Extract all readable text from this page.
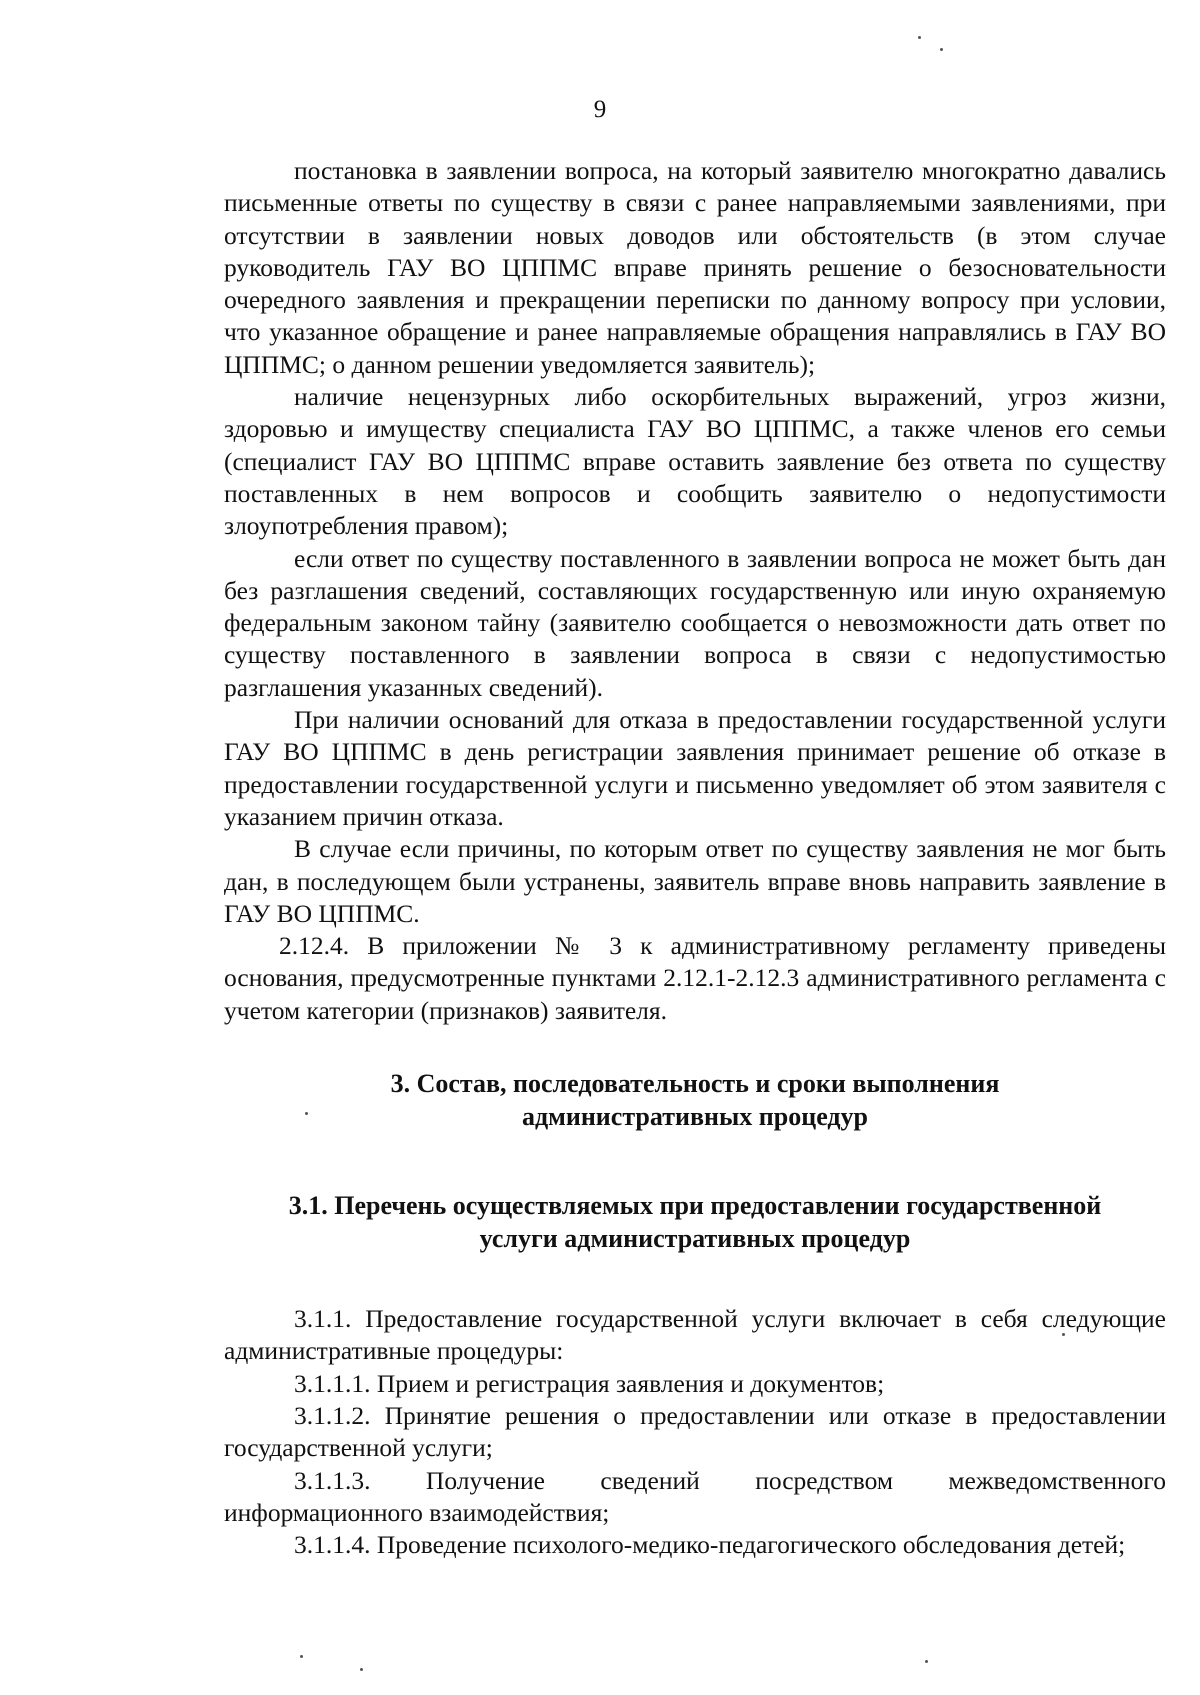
9

постановка в заявлении вопроса, на который заявителю многократно давались письменные ответы по существу в связи с ранее направляемыми заявлениями, при отсутствии в заявлении новых доводов или обстоятельств (в этом случае руководитель ГАУ ВО ЦППМС вправе принять решение о безосновательности очередного заявления и прекращении переписки по данному вопросу при условии, что указанное обращение и ранее направляемые обращения направлялись в ГАУ ВО ЦППМС; о данном решении уведомляется заявитель);

наличие нецензурных либо оскорбительных выражений, угроз жизни, здоровью и имуществу специалиста ГАУ ВО ЦППМС, а также членов его семьи (специалист ГАУ ВО ЦППМС вправе оставить заявление без ответа по существу поставленных в нем вопросов и сообщить заявителю о недопустимости злоупотребления правом);

если ответ по существу поставленного в заявлении вопроса не может быть дан без разглашения сведений, составляющих государственную или иную охраняемую федеральным законом тайну (заявителю сообщается о невозможности дать ответ по существу поставленного в заявлении вопроса в связи с недопустимостью разглашения указанных сведений).

При наличии оснований для отказа в предоставлении государственной услуги ГАУ ВО ЦППМС в день регистрации заявления принимает решение об отказе в предоставлении государственной услуги и письменно уведомляет об этом заявителя с указанием причин отказа.

В случае если причины, по которым ответ по существу заявления не мог быть дан, в последующем были устранены, заявитель вправе вновь направить заявление в ГАУ ВО ЦППМС.

2.12.4. В приложении № 3 к административному регламенту приведены основания, предусмотренные пунктами 2.12.1-2.12.3 административного регламента с учетом категории (признаков) заявителя.

3. Состав, последовательность и сроки выполнения
административных процедур
3.1. Перечень осуществляемых при предоставлении государственной
услуги административных процедур

3.1.1. Предоставление государственной услуги включает в себя следующие административные процедуры:

3.1.1.1. Прием и регистрация заявления и документов;

3.1.1.2. Принятие решения о предоставлении или отказе в предоставлении государственной услуги;

3.1.1.3. Получение сведений посредством межведомственного информационного взаимодействия;

3.1.1.4. Проведение психолого-медико-педагогического обследования детей;
